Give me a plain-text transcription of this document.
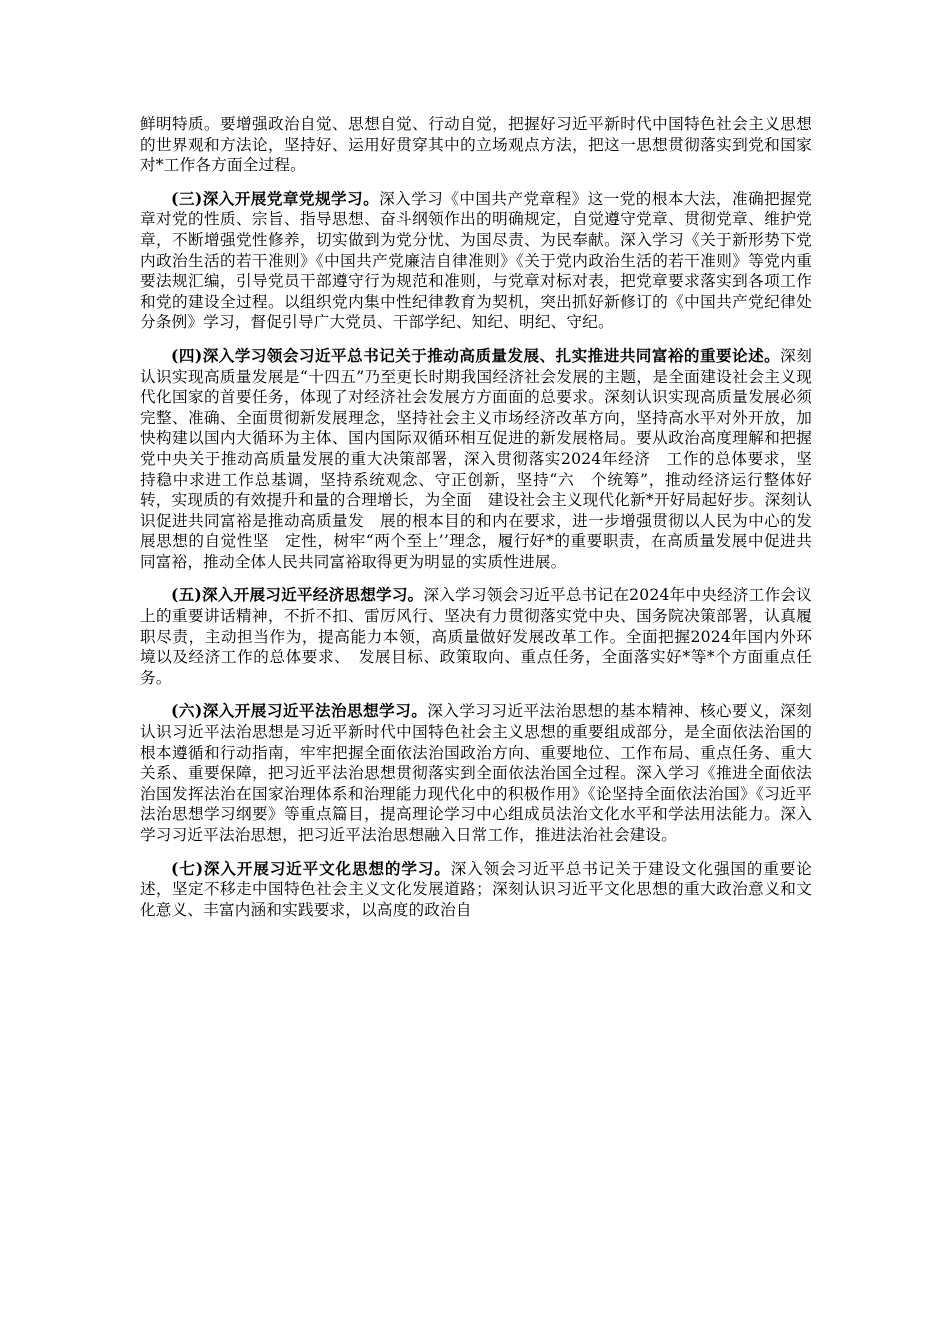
鲜明特质。要增强政治自觉、思想自觉、行动自觉，把握好习近平新时代中国特色社会主义思想的世界观和方法论，坚持好、运用好贯穿其中的立场观点方法，把这一思想贯彻落实到党和国家对*工作各方面全过程。

(三)深入开展党章党规学习。深入学习《中国共产党章程》这一党的根本大法，准确把握党章对党的性质、宗旨、指导思想、奋斗纲领作出的明确规定，自觉遵守党章、贯彻党章、维护党章，不断增强党性修养，切实做到为党分忧、为国尽责、为民奉献。深入学习《关于新形势下党内政治生活的若干准则》《中国共产党廉洁自律准则》《关于党内政治生活的若干准则》等党内重要法规汇编，引导党员干部遵守行为规范和准则，与党章对标对表，把党章要求落实到各项工作和党的建设全过程。以组织党内集中性纪律教育为契机，突出抓好新修订的《中国共产党纪律处分条例》学习，督促引导广大党员、干部学纪、知纪、明纪、守纪。

(四)深入学习领会习近平总书记关于推动高质量发展、扎实推进共同富裕的重要论述。深刻认识实现高质量发展是“十四五”乃至更长时期我国经济社会发展的主题，是全面建设社会主义现代化国家的首要任务，体现了对经济社会发展方方面面的总要求。深刻认识实现高质量发展必须完整、准确、全面贯彻新发展理念，坚持社会主义市场经济改革方向，坚持高水平对外开放，加快构建以国内大循环为主体、国内国际双循环相互促进的新发展格局。要从政治高度理解和把握党中央关于推动高质量发展的重大决策部署，深入贯彻落实2024年经济　工作的总体要求，坚持稳中求进工作总基调，坚持系统观念、守正创新，坚持“六　个统筹”，推动经济运行整体好转，实现质的有效提升和量的合理增长，为全面　建设社会主义现代化新*开好局起好步。深刻认识促进共同富裕是推动高质量发　展的根本目的和内在要求，进一步增强贯彻以人民为中心的发展思想的自觉性坚　定性，树牢“两个至上’’理念，履行好*的重要职责，在高质量发展中促进共　同富裕，推动全体人民共同富裕取得更为明显的实质性进展。

(五)深入开展习近平经济思想学习。深入学习领会习近平总书记在2024年中央经济工作会议上的重要讲话精神，不折不扣、雷厉风行、坚决有力贯彻落实党中央、国务院决策部署，认真履职尽责，主动担当作为，提高能力本领，高质量做好发展改革工作。全面把握2024年国内外环境以及经济工作的总体要求、　发展目标、政策取向、重点任务，全面落实好*等*个方面重点任务。

(六)深入开展习近平法治思想学习。深入学习习近平法治思想的基本精神、核心要义，深刻认识习近平法治思想是习近平新时代中国特色社会主义思想的重要组成部分，是全面依法治国的根本遵循和行动指南，牢牢把握全面依法治国政治方向、重要地位、工作布局、重点任务、重大关系、重要保障，把习近平法治思想贯彻落实到全面依法治国全过程。深入学习《推进全面依法治国发挥法治在国家治理体系和治理能力现代化中的积极作用》《论坚持全面依法治国》《习近平法治思想学习纲要》等重点篇目，提高理论学习中心组成员法治文化水平和学法用法能力。深入学习习近平法治思想，把习近平法治思想融入日常工作，推进法治社会建设。

(七)深入开展习近平文化思想的学习。深入领会习近平总书记关于建设文化强国的重要论述，坚定不移走中国特色社会主义文化发展道路；深刻认识习近平文化思想的重大政治意义和文化意义、丰富内涵和实践要求，以高度的政治自
